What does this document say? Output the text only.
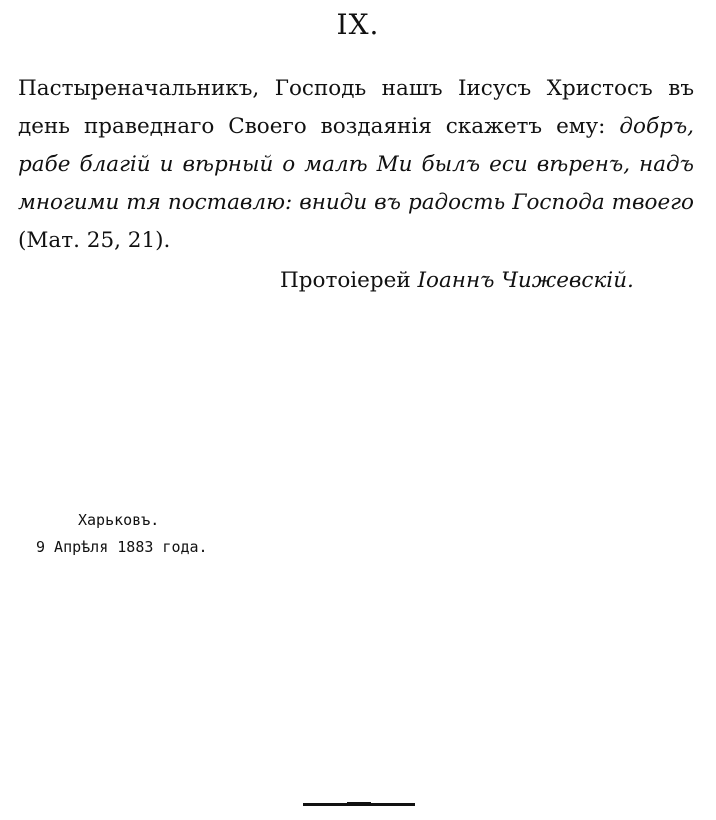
IX.

Пастыреначальникъ, Господь нашъ Іисусъ Христосъ въ день праведнаго Своего воздаянія скажетъ ему: добръ, рабе благій и вѣрный о малѣ Ми былъ еси вѣренъ, надъ многими тя поставлю: вниди въ радость Господа твоего (Мат. 25, 21).

Протоіерей Іоаннъ Чижевскій.
Харьковъ.
9 Апрѣля 1883 года.
